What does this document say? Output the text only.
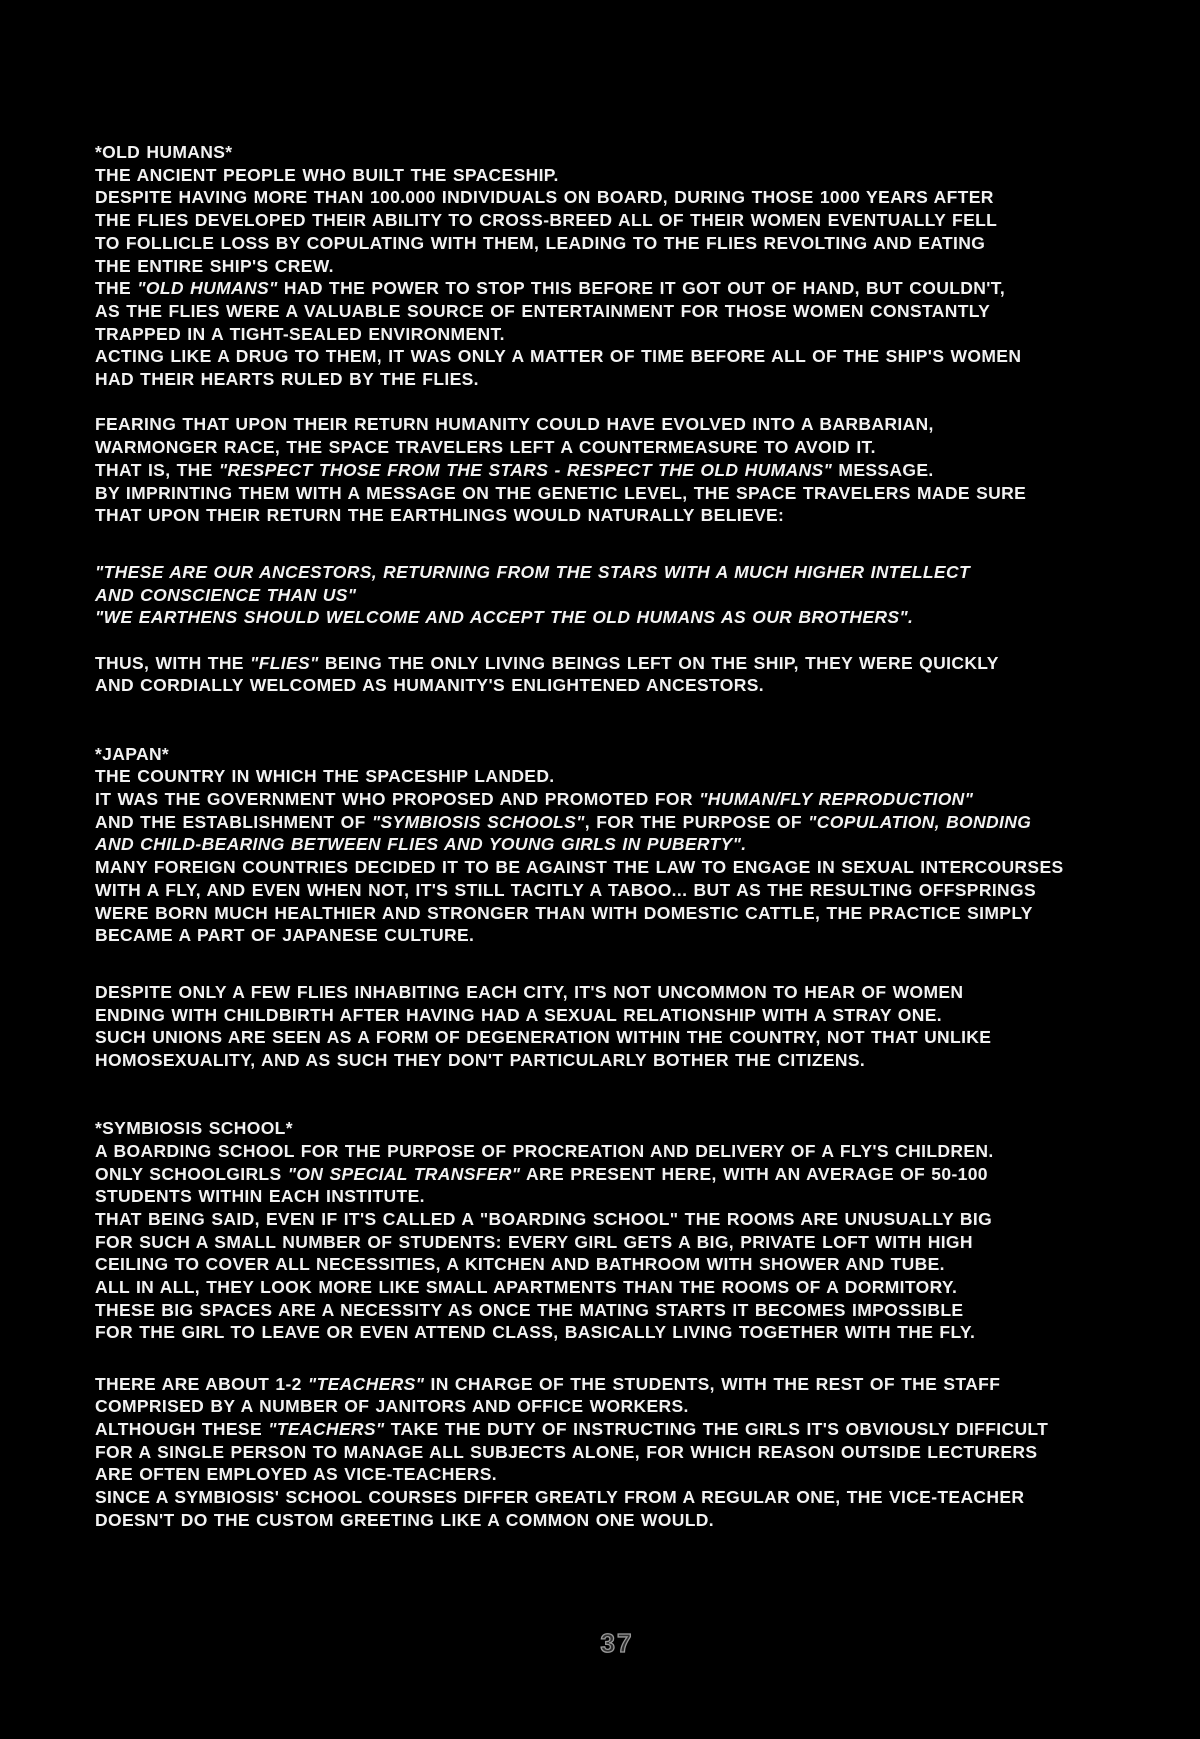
*OLD HUMANS*
THE ANCIENT PEOPLE WHO BUILT THE SPACESHIP.
DESPITE HAVING MORE THAN 100.000 INDIVIDUALS ON BOARD, DURING THOSE 1000 YEARS AFTER
THE FLIES DEVELOPED THEIR ABILITY TO CROSS-BREED ALL OF THEIR WOMEN EVENTUALLY FELL
TO FOLLICLE LOSS BY COPULATING WITH THEM, LEADING TO THE FLIES REVOLTING AND EATING
THE ENTIRE SHIP'S CREW.
THE "OLD HUMANS" HAD THE POWER TO STOP THIS BEFORE IT GOT OUT OF HAND, BUT COULDN'T,
AS THE FLIES WERE A VALUABLE SOURCE OF ENTERTAINMENT FOR THOSE WOMEN CONSTANTLY
TRAPPED IN A TIGHT-SEALED ENVIRONMENT.
ACTING LIKE A DRUG TO THEM, IT WAS ONLY A MATTER OF TIME BEFORE ALL OF THE SHIP'S WOMEN
HAD THEIR HEARTS RULED BY THE FLIES.
FEARING THAT UPON THEIR RETURN HUMANITY COULD HAVE EVOLVED INTO A BARBARIAN,
WARMONGER RACE, THE SPACE TRAVELERS LEFT A COUNTERMEASURE TO AVOID IT.
THAT IS, THE "RESPECT THOSE FROM THE STARS - RESPECT THE OLD HUMANS" MESSAGE.
BY IMPRINTING THEM WITH A MESSAGE ON THE GENETIC LEVEL, THE SPACE TRAVELERS MADE SURE
THAT UPON THEIR RETURN THE EARTHLINGS WOULD NATURALLY BELIEVE:
"THESE ARE OUR ANCESTORS, RETURNING FROM THE STARS WITH A MUCH HIGHER INTELLECT
AND CONSCIENCE THAN US"
"WE EARTHENS SHOULD WELCOME AND ACCEPT THE OLD HUMANS AS OUR BROTHERS".
THUS, WITH THE "FLIES" BEING THE ONLY LIVING BEINGS LEFT ON THE SHIP, THEY WERE QUICKLY
AND CORDIALLY WELCOMED AS HUMANITY'S ENLIGHTENED ANCESTORS.
*JAPAN*
THE COUNTRY IN WHICH THE SPACESHIP LANDED.
IT WAS THE GOVERNMENT WHO PROPOSED AND PROMOTED FOR "HUMAN/FLY REPRODUCTION"
AND THE ESTABLISHMENT OF "SYMBIOSIS SCHOOLS", FOR THE PURPOSE OF "COPULATION, BONDING
AND CHILD-BEARING BETWEEN FLIES AND YOUNG GIRLS IN PUBERTY".
MANY FOREIGN COUNTRIES DECIDED IT TO BE AGAINST THE LAW TO ENGAGE IN SEXUAL INTERCOURSES
WITH A FLY, AND EVEN WHEN NOT, IT'S STILL TACITLY A TABOO... BUT AS THE RESULTING OFFSPRINGS
WERE BORN MUCH HEALTHIER AND STRONGER THAN WITH DOMESTIC CATTLE, THE PRACTICE SIMPLY
BECAME A PART OF JAPANESE CULTURE.
DESPITE ONLY A FEW FLIES INHABITING EACH CITY, IT'S NOT UNCOMMON TO HEAR OF WOMEN
ENDING WITH CHILDBIRTH AFTER HAVING HAD A SEXUAL RELATIONSHIP WITH A STRAY ONE.
SUCH UNIONS ARE SEEN AS A FORM OF DEGENERATION WITHIN THE COUNTRY, NOT THAT UNLIKE
HOMOSEXUALITY, AND AS SUCH THEY DON'T PARTICULARLY BOTHER THE CITIZENS.
*SYMBIOSIS SCHOOL*
A BOARDING SCHOOL FOR THE PURPOSE OF PROCREATION AND DELIVERY OF A FLY'S CHILDREN.
ONLY SCHOOLGIRLS "ON SPECIAL TRANSFER" ARE PRESENT HERE, WITH AN AVERAGE OF 50-100
STUDENTS WITHIN EACH INSTITUTE.
THAT BEING SAID, EVEN IF IT'S CALLED A "BOARDING SCHOOL" THE ROOMS ARE UNUSUALLY BIG
FOR SUCH A SMALL NUMBER OF STUDENTS: EVERY GIRL GETS A BIG, PRIVATE LOFT WITH HIGH
CEILING TO COVER ALL NECESSITIES, A KITCHEN AND BATHROOM WITH SHOWER AND TUBE.
ALL IN ALL, THEY LOOK MORE LIKE SMALL APARTMENTS THAN THE ROOMS OF A DORMITORY.
THESE BIG SPACES ARE A NECESSITY AS ONCE THE MATING STARTS IT BECOMES IMPOSSIBLE
FOR THE GIRL TO LEAVE OR EVEN ATTEND CLASS, BASICALLY LIVING TOGETHER WITH THE FLY.
THERE ARE ABOUT 1-2 "TEACHERS" IN CHARGE OF THE STUDENTS, WITH THE REST OF THE STAFF
COMPRISED BY A NUMBER OF JANITORS AND OFFICE WORKERS.
ALTHOUGH THESE "TEACHERS" TAKE THE DUTY OF INSTRUCTING THE GIRLS IT'S OBVIOUSLY DIFFICULT
FOR A SINGLE PERSON TO MANAGE ALL SUBJECTS ALONE, FOR WHICH REASON OUTSIDE LECTURERS
ARE OFTEN EMPLOYED AS VICE-TEACHERS.
SINCE A SYMBIOSIS' SCHOOL COURSES DIFFER GREATLY FROM A REGULAR ONE, THE VICE-TEACHER
DOESN'T DO THE CUSTOM GREETING LIKE A COMMON ONE WOULD.
37
